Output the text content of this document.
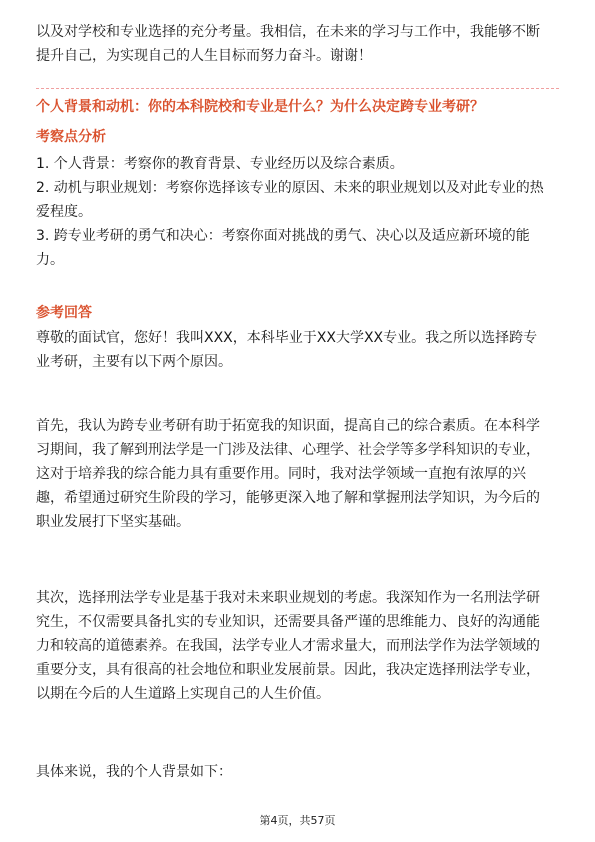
以及对学校和专业选择的充分考量。我相信，在未来的学习与工作中，我能够不断
提升自己，为实现自己的人生目标而努力奋斗。谢谢！
个人背景和动机：你的本科院校和专业是什么？为什么决定跨专业考研？
考察点分析
1. 个人背景：考察你的教育背景、专业经历以及综合素质。
2. 动机与职业规划：考察你选择该专业的原因、未来的职业规划以及对此专业的热
爱程度。
3. 跨专业考研的勇气和决心：考察你面对挑战的勇气、决心以及适应新环境的能
力。
参考回答
尊敬的面试官，您好！我叫XXX，本科毕业于XX大学XX专业。我之所以选择跨专
业考研，主要有以下两个原因。
首先，我认为跨专业考研有助于拓宽我的知识面，提高自己的综合素质。在本科学
习期间，我了解到刑法学是一门涉及法律、心理学、社会学等多学科知识的专业，
这对于培养我的综合能力具有重要作用。同时，我对法学领域一直抱有浓厚的兴
趣，希望通过研究生阶段的学习，能够更深入地了解和掌握刑法学知识，为今后的
职业发展打下坚实基础。
其次，选择刑法学专业是基于我对未来职业规划的考虑。我深知作为一名刑法学研
究生，不仅需要具备扎实的专业知识，还需要具备严谨的思维能力、良好的沟通能
力和较高的道德素养。在我国，法学专业人才需求量大，而刑法学作为法学领域的
重要分支，具有很高的社会地位和职业发展前景。因此，我决定选择刑法学专业，
以期在今后的人生道路上实现自己的人生价值。
具体来说，我的个人背景如下：
第4页，共57页
